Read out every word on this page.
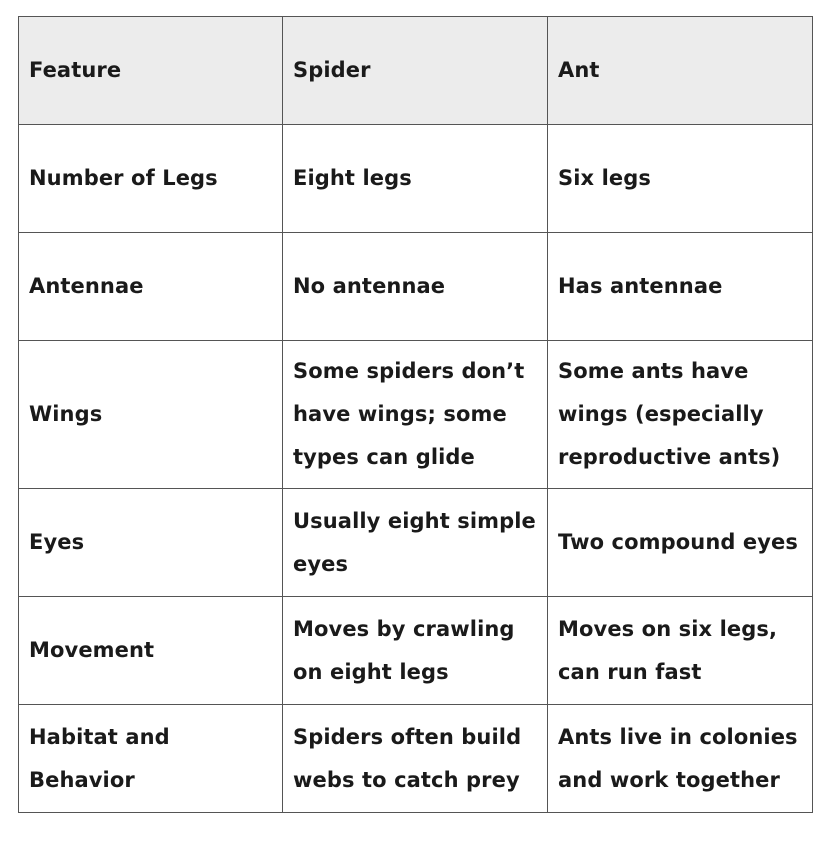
Feature	Spider	Ant
Number of Legs	Eight legs	Six legs
Antennae	No antennae	Has antennae
Wings	Some spiders don’t have wings; some types can glide	Some ants have wings (especially reproductive ants)
Eyes	Usually eight simple eyes	Two compound eyes
Movement	Moves by crawling on eight legs	Moves on six legs, can run fast
Habitat and Behavior	Spiders often build webs to catch prey	Ants live in colonies and work together
